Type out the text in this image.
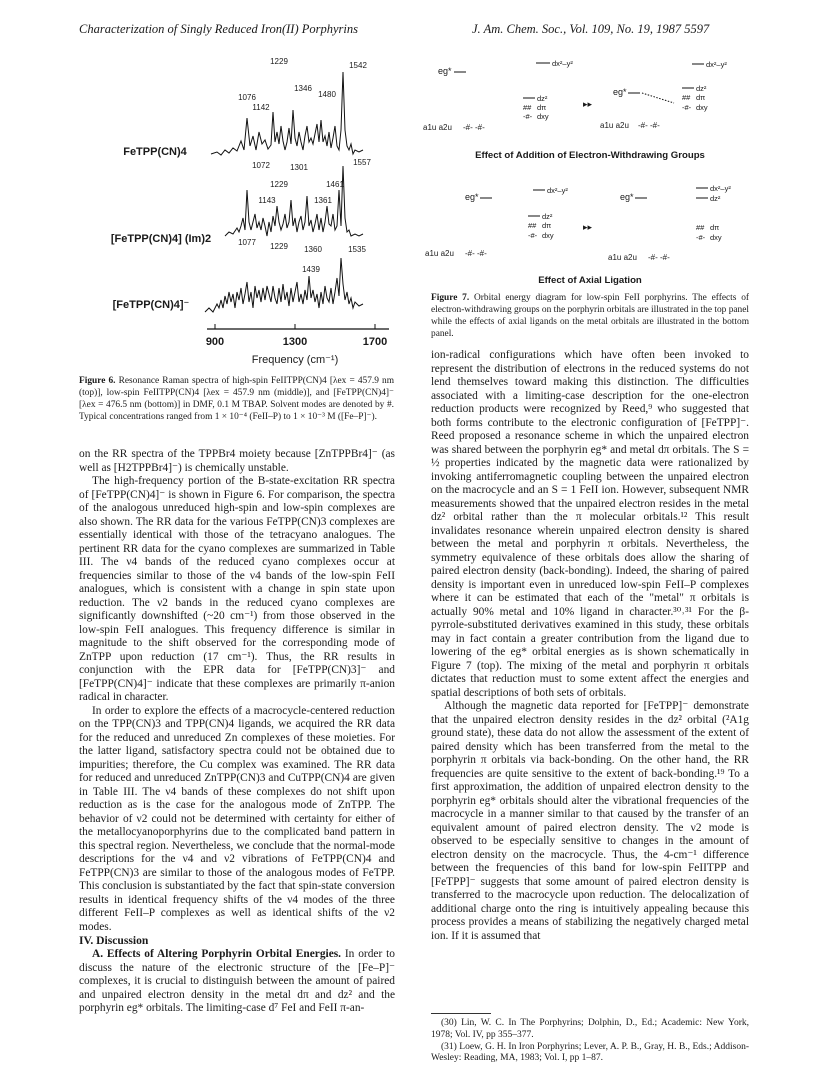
Characterization of Singly Reduced Iron(II) Porphyrins	J. Am. Chem. Soc., Vol. 109, No. 19, 1987 5597
FeTPP(CN)4
[FeTPP(CN)4] (Im)2
[FeTPP(CN)4]⁻
900	1300	1700
Frequency (cm⁻¹)
1229	1542
1346
1480
1076
1142
1557
1072	1301
1229	1461
1143	1361
1077 1229 1360	1535
1439
Figure 6. Resonance Raman spectra of high-spin FeIITPP(CN)4 [λex = 457.9 nm (top)], low-spin FeIITPP(CN)4 [λex = 457.9 nm (middle)], and [FeTPP(CN)4]⁻ [λex = 476.5 nm (bottom)] in DMF, 0.1 M TBAP. Solvent modes are denoted by #. Typical concentrations ranged from 1 × 10⁻⁴ (FeII–P) to 1 × 10⁻³ M ([Fe–P]⁻).
eg*
a1u a2u -#- -#-
dx²–y²
dz²
## dπ
-#- dxy
▸▸
eg*
a1u a2u -#- -#-
dx²–y²
dz²
## dπ
-#- dxy
eg*
a1u a2u -#- -#-
dx²–y²
dz²
## dπ
-#- dxy
▸▸
eg*
a1u a2u -#- -#-
dx²–y²
dz²
## dπ
-#- dxy
Effect of Addition of Electron-Withdrawing Groups
Effect of Axial Ligation
Figure 7. Orbital energy diagram for low-spin FeII porphyrins. The effects of electron-withdrawing groups on the porphyrin orbitals are illustrated in the top panel while the effects of axial ligands on the metal orbitals are illustrated in the bottom panel.

on the RR spectra of the TPPBr4 moiety because [ZnTPPBr4]⁻ (as well as [H2TPPBr4]⁻) is chemically unstable.

The high-frequency portion of the B-state-excitation RR spectra of [FeTPP(CN)4]⁻ is shown in Figure 6. For comparison, the spectra of the analogous unreduced high-spin and low-spin complexes are also shown. The RR data for the various FeTPP(CN)3 complexes are essentially identical with those of the tetracyano analogues. The pertinent RR data for the cyano complexes are summarized in Table III. The ν4 bands of the reduced cyano complexes occur at frequencies similar to those of the ν4 bands of the low-spin FeII analogues, which is consistent with a change in spin state upon reduction. The ν2 bands in the reduced cyano complexes are significantly downshifted (~20 cm⁻¹) from those observed in the low-spin FeII analogues. This frequency difference is similar in magnitude to the shift observed for the corresponding mode of ZnTPP upon reduction (17 cm⁻¹). Thus, the RR results in conjunction with the EPR data for [FeTPP(CN)3]⁻ and [FeTPP(CN)4]⁻ indicate that these complexes are primarily π-anion radical in character.

In order to explore the effects of a macrocycle-centered reduction on the TPP(CN)3 and TPP(CN)4 ligands, we acquired the RR data for the reduced and unreduced Zn complexes of these moieties. For the latter ligand, satisfactory spectra could not be obtained due to impurities; therefore, the Cu complex was examined. The RR data for reduced and unreduced ZnTPP(CN)3 and CuTPP(CN)4 are given in Table III. The ν4 bands of these complexes do not shift upon reduction as is the case for the analogous mode of ZnTPP. The behavior of ν2 could not be determined with certainty for either of the metallocyanoporphyrins due to the complicated band pattern in this spectral region. Nevertheless, we conclude that the normal-mode descriptions for the ν4 and ν2 vibrations of FeTPP(CN)4 and FeTPP(CN)3 are similar to those of the analogous modes of FeTPP. This conclusion is substantiated by the fact that spin-state conversion results in identical frequency shifts of the ν4 modes of the three different FeII–P complexes as well as identical shifts of the ν2 modes.

IV. Discussion

A. Effects of Altering Porphyrin Orbital Energies. In order to discuss the nature of the electronic structure of the [Fe–P]⁻ complexes, it is crucial to distinguish between the amount of paired and unpaired electron density in the metal dπ and dz² and the porphyrin eg* orbitals. The limiting-case d⁷ FeI and FeII π-an-

ion-radical configurations which have often been invoked to represent the distribution of electrons in the reduced systems do not lend themselves toward making this distinction. The difficulties associated with a limiting-case description for the one-electron reduction products were recognized by Reed,⁹ who suggested that both forms contribute to the electronic configuration of [FeTPP]⁻. Reed proposed a resonance scheme in which the unpaired electron was shared between the porphyrin eg* and metal dπ orbitals. The S = ½ properties indicated by the magnetic data were rationalized by invoking antiferromagnetic coupling between the unpaired electron on the macrocycle and an S = 1 FeII ion. However, subsequent NMR measurements showed that the unpaired electron resides in the metal dz² orbital rather than the π molecular orbitals.¹² This result invalidates resonance wherein unpaired electron density is shared between the metal and porphyrin π orbitals. Nevertheless, the symmetry equivalence of these orbitals does allow the sharing of paired electron density (back-bonding). Indeed, the sharing of paired density is important even in unreduced low-spin FeII–P complexes where it can be estimated that each of the "metal" π orbitals is actually 90% metal and 10% ligand in character.³⁰˒³¹ For the β-pyrrole-substituted derivatives examined in this study, these orbitals may in fact contain a greater contribution from the ligand due to lowering of the eg* orbital energies as is shown schematically in Figure 7 (top). The mixing of the metal and porphyrin π orbitals dictates that reduction must to some extent affect the energies and spatial descriptions of both sets of orbitals.

Although the magnetic data reported for [FeTPP]⁻ demonstrate that the unpaired electron density resides in the dz² orbital (²A1g ground state), these data do not allow the assessment of the extent of paired density which has been transferred from the metal to the porphyrin π orbitals via back-bonding. On the other hand, the RR frequencies are quite sensitive to the extent of back-bonding.¹⁹ To a first approximation, the addition of unpaired electron density to the porphyrin eg* orbitals should alter the vibrational frequencies of the macrocycle in a manner similar to that caused by the transfer of an equivalent amount of paired electron density. The ν2 mode is observed to be especially sensitive to changes in the amount of electron density on the macrocycle. Thus, the 4-cm⁻¹ difference between the frequencies of this band for low-spin FeIITPP and [FeTPP]⁻ suggests that some amount of paired electron density is transferred to the macrocycle upon reduction. The delocalization of additional charge onto the ring is intuitively appealing because this process provides a means of stabilizing the negatively charged metal ion. If it is assumed that

(30) Lin, W. C. In The Porphyrins; Dolphin, D., Ed.; Academic: New York, 1978; Vol. IV, pp 355–377.

(31) Loew, G. H. In Iron Porphyrins; Lever, A. P. B., Gray, H. B., Eds.; Addison-Wesley: Reading, MA, 1983; Vol. I, pp 1–87.
